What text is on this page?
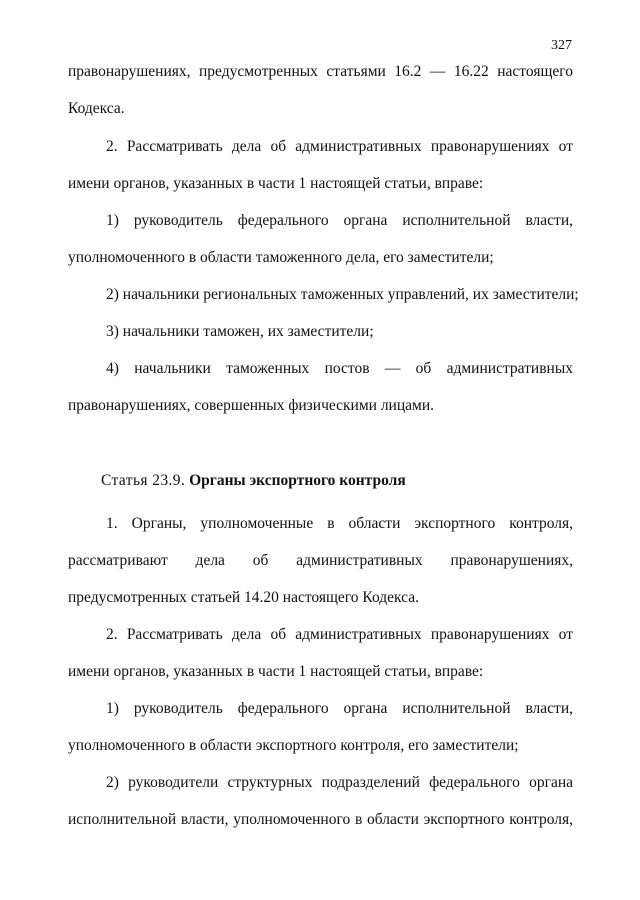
327
правонарушениях, предусмотренных статьями 16.2 — 16.22 настоящего
Кодекса.
2. Рассматривать дела об административных правонарушениях от
имени органов, указанных в части 1 настоящей статьи, вправе:
1) руководитель федерального органа исполнительной власти,
уполномоченного в области таможенного дела, его заместители;
2) начальники региональных таможенных управлений, их заместители;
3) начальники таможен, их заместители;
4) начальники таможенных постов — об административных
правонарушениях, совершенных физическими лицами.
Статья 23.9. Органы экспортного контроля
1. Органы, уполномоченные в области экспортного контроля,
рассматривают дела об административных правонарушениях,
предусмотренных статьей 14.20 настоящего Кодекса.
2. Рассматривать дела об административных правонарушениях от
имени органов, указанных в части 1 настоящей статьи, вправе:
1) руководитель федерального органа исполнительной власти,
уполномоченного в области экспортного контроля, его заместители;
2) руководители структурных подразделений федерального органа
исполнительной власти, уполномоченного в области экспортного контроля,
